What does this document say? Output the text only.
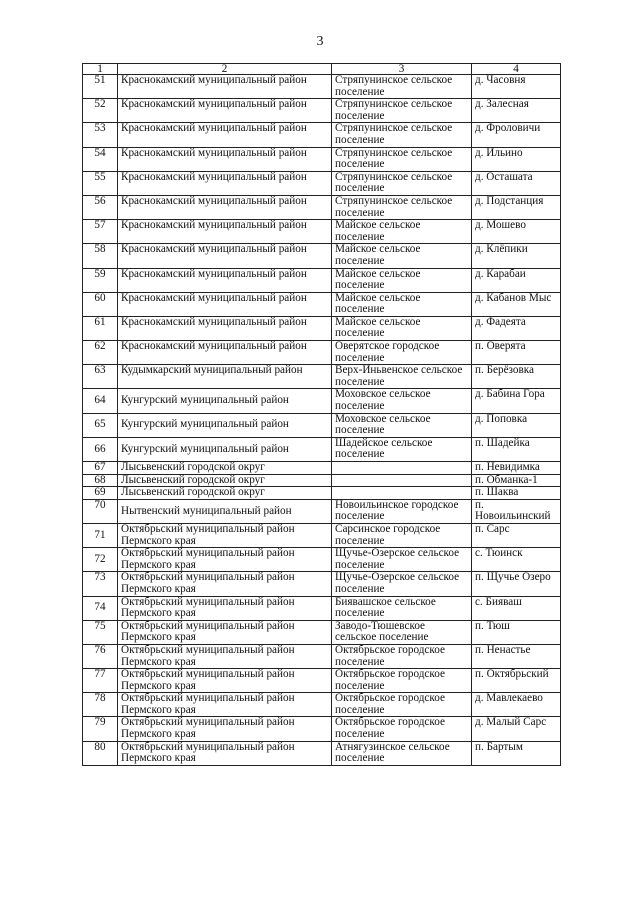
3
1	2	3	4
51	Краснокамский муниципальный район	Стряпунинское сельское поселение	д. Часовня
52	Краснокамский муниципальный район	Стряпунинское сельское поселение	д. Залесная
53	Краснокамский муниципальный район	Стряпунинское сельское поселение	д. Фроловичи
54	Краснокамский муниципальный район	Стряпунинское сельское поселение	д. Ильино
55	Краснокамский муниципальный район	Стряпунинское сельское поселение	д. Осташата
56	Краснокамский муниципальный район	Стряпунинское сельское поселение	д. Подстанция
57	Краснокамский муниципальный район	Майское сельское поселение	д. Мошево
58	Краснокамский муниципальный район	Майское сельское поселение	д. Клёпики
59	Краснокамский муниципальный район	Майское сельское поселение	д. Карабаи
60	Краснокамский муниципальный район	Майское сельское поселение	д. Кабанов Мыс
61	Краснокамский муниципальный район	Майское сельское поселение	д. Фадеята
62	Краснокамский муниципальный район	Оверятское городское поселение	п. Оверята
63	Кудымкарский муниципальный район	Верх-Иньвенское сельское поселение	п. Берёзовка
64	Кунгурский муниципальный район	Моховское сельское поселение	д. Бабина Гора
65	Кунгурский муниципальный район	Моховское сельское поселение	д. Поповка
66	Кунгурский муниципальный район	Шадейское сельское поселение	п. Шадейка
67	Лысьвенский городской округ		п. Невидимка
68	Лысьвенский городской округ		п. Обманка-1
69	Лысьвенский городской округ		п. Шаква
70	Нытвенский муниципальный район	Новоильинское городское поселение	п. Новоильинский
71	Октябрьский муниципальный район Пермского края	Сарсинское городское поселение	п. Сарс
72	Октябрьский муниципальный район Пермского края	Щучье-Озерское сельское поселение	с. Тюинск
73	Октябрьский муниципальный район Пермского края	Щучье-Озерское сельское поселение	п. Щучье Озеро
74	Октябрьский муниципальный район Пермского края	Биявашское сельское поселение	с. Бияваш
75	Октябрьский муниципальный район Пермского края	Заводо-Тюшевское сельское поселение	п. Тюш
76	Октябрьский муниципальный район Пермского края	Октябрьское городское поселение	п. Ненастье
77	Октябрьский муниципальный район Пермского края	Октябрьское городское поселение	п. Октябрьский
78	Октябрьский муниципальный район Пермского края	Октябрьское городское поселение	д. Мавлекаево
79	Октябрьский муниципальный район Пермского края	Октябрьское городское поселение	д. Малый Сарс
80	Октябрьский муниципальный район Пермского края	Атнягузинское сельское поселение	п. Бартым
